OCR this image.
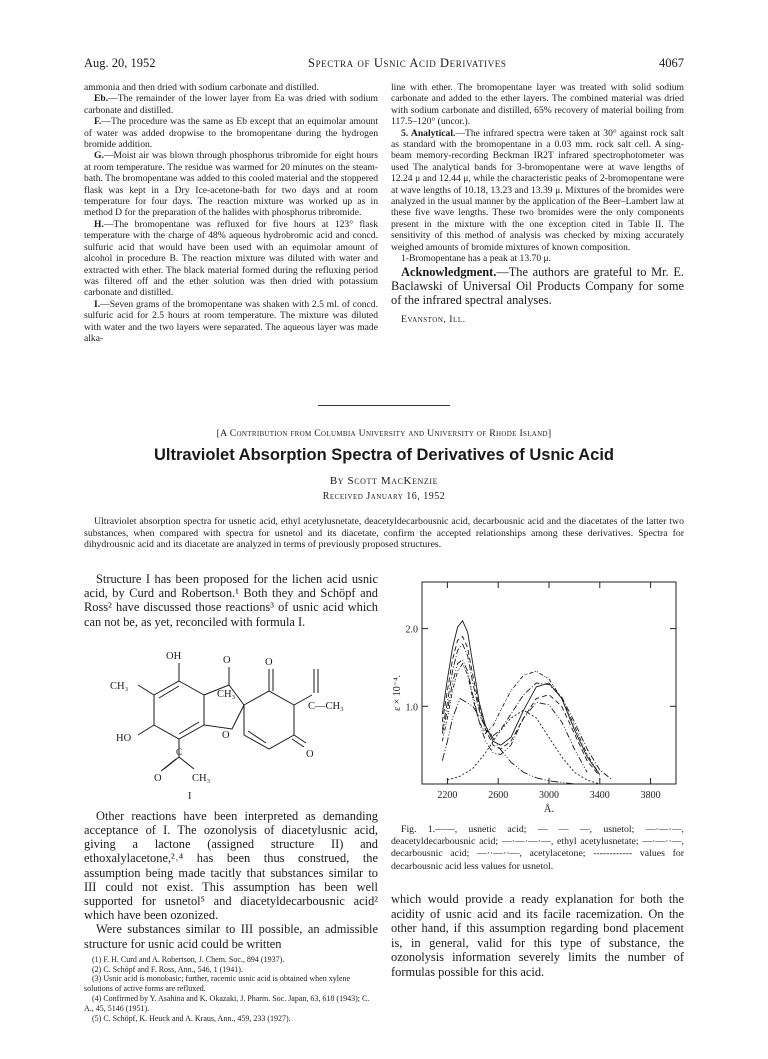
Aug. 20, 1952	Spectra of Usnic Acid Derivatives	4067

ammonia and then dried with sodium carbonate and distilled.

Eb.—The remainder of the lower layer from Ea was dried with sodium carbonate and distilled.

F.—The procedure was the same as Eb except that an equimolar amount of water was added dropwise to the bromopentane during the hydrogen bromide addition.

G.—Moist air was blown through phosphorus tribromide for eight hours at room temperature. The residue was warmed for 20 minutes on the steam-bath. The bromopentane was added to this cooled material and the stoppered flask was kept in a Dry Ice-acetone-bath for two days and at room temperature for four days. The reaction mixture was worked up as in method D for the preparation of the halides with phosphorus tribromide.

H.—The bromopentane was refluxed for five hours at 123° flask temperature with the charge of 48% aqueous hydrobromic acid and concd. sulfuric acid that would have been used with an equimolar amount of alcohol in procedure B. The reaction mixture was diluted with water and extracted with ether. The black material formed during the refluxing period was filtered off and the ether solution was then dried with potassium carbonate and distilled.

I.—Seven grams of the bromopentane was shaken with 2.5 ml. of concd. sulfuric acid for 2.5 hours at room temperature. The mixture was diluted with water and the two layers were separated. The aqueous layer was made alka-

line with ether. The bromopentane layer was treated with solid sodium carbonate and added to the ether layers. The combined material was dried with sodium carbonate and distilled, 65% recovery of material boiling from 117.5–120° (uncor.).

5. Analytical.—The infrared spectra were taken at 30° against rock salt as standard with the bromopentane in a 0.03 mm. rock salt cell. A sing-beam memory-recording Beckman IR2T infrared spectrophotometer was used The analytical bands for 3-bromopentane were at wave lengths of 12.24 μ and 12.44 μ, while the characteristic peaks of 2-bromopentane were at wave lengths of 10.18, 13.23 and 13.39 μ. Mixtures of the bromides were analyzed in the usual manner by the application of the Beer–Lambert law at these five wave lengths. These two bromides were the only components present in the mixture with the one exception cited in Table II. The sensitivity of this method of analysis was checked by mixing accurately weighed amounts of bromide mixtures of known composition.

1-Bromopentane has a peak at 13.70 μ.

Acknowledgment.—The authors are grateful to Mr. E. Baclawski of Universal Oil Products Company for some of the infrared spectral analyses.

Evanston, Ill.
[A Contribution from Columbia University and University of Rhode Island]
Ultraviolet Absorption Spectra of Derivatives of Usnic Acid
By Scott MacKenzie
Received January 16, 1952
Ultraviolet absorption spectra for usnetic acid, ethyl acetylusnetate, deacetyldecarbousnic acid, decarbousnic acid and the diacetates of the latter two substances, when compared with spectra for usnetol and its diacetate, confirm the accepted relationships among these derivatives. Spectra for dihydrousnic acid and its diacetate are analyzed in terms of previously proposed structures.

Structure I has been proposed for the lichen acid usnic acid, by Curd and Robertson.¹ Both they and Schöpf and Ross² have discussed those reactions³ of usnic acid which can not be, as yet, reconciled with formula I.

OH	O	O
CH₃
CH₃
C—CH₃
HO	O
O
C
O	CH₃
I

Other reactions have been interpreted as demanding acceptance of I. The ozonolysis of diacetylusnic acid, giving a lactone (assigned structure II) and ethoxalylacetone,²˒⁴ has been thus construed, the assumption being made tacitly that substances similar to III could not exist. This assumption has been well supported for usnetol⁵ and diacetyldecarbousnic acid² which have been ozonized.

Were substances similar to III possible, an admissible structure for usnic acid could be written

(1) F. H. Curd and A. Robertson, J. Chem. Soc., 894 (1937).
(2) C. Schöpf and F. Ross, Ann., 546, 1 (1941).
(3) Usnic acid is monobasic; further, racemic usnic acid is obtained when xylene solutions of active forms are refluxed.
(4) Confirmed by Y. Asahina and K. Okazaki, J. Pharm. Soc. Japan, 63, 618 (1943); C. A., 45, 5146 (1951).
(5) C. Schöpf, K. Heuck and A. Kraus, Ann., 459, 233 (1927).
2200	2600	3000	3400	3800
1.0
2.0
Å.
ε × 10⁻⁴.
Fig. 1.——, usnetic acid; — — —, usnetol; —·—·—, deacetyldecarbousnic acid; —·—·—·—, ethyl acetylusnetate; —·—··—, decarbousnic acid; —··—··—, acetylacetone; ------------ values for decarbousnic acid less values for usnetol.

which would provide a ready explanation for both the acidity of usnic acid and its facile racemization. On the other hand, if this assumption regarding bond placement is, in general, valid for this type of substance, the ozonolysis information severely limits the number of formulas possible for this acid.
